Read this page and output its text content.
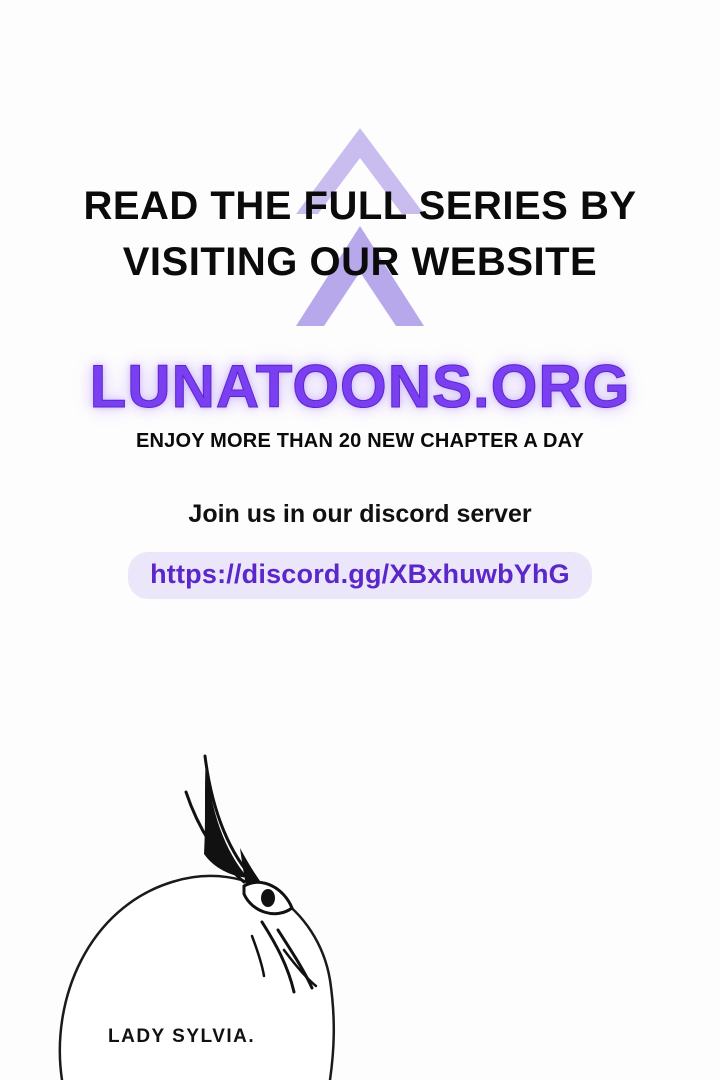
READ THE FULL SERIES BY
VISITING OUR WEBSITE
LUNATOONS.ORG
ENJOY MORE THAN 20 NEW CHAPTER A DAY
Join us in our discord server
https://discord.gg/XBxhuwbYhG
LADY SYLVIA.
